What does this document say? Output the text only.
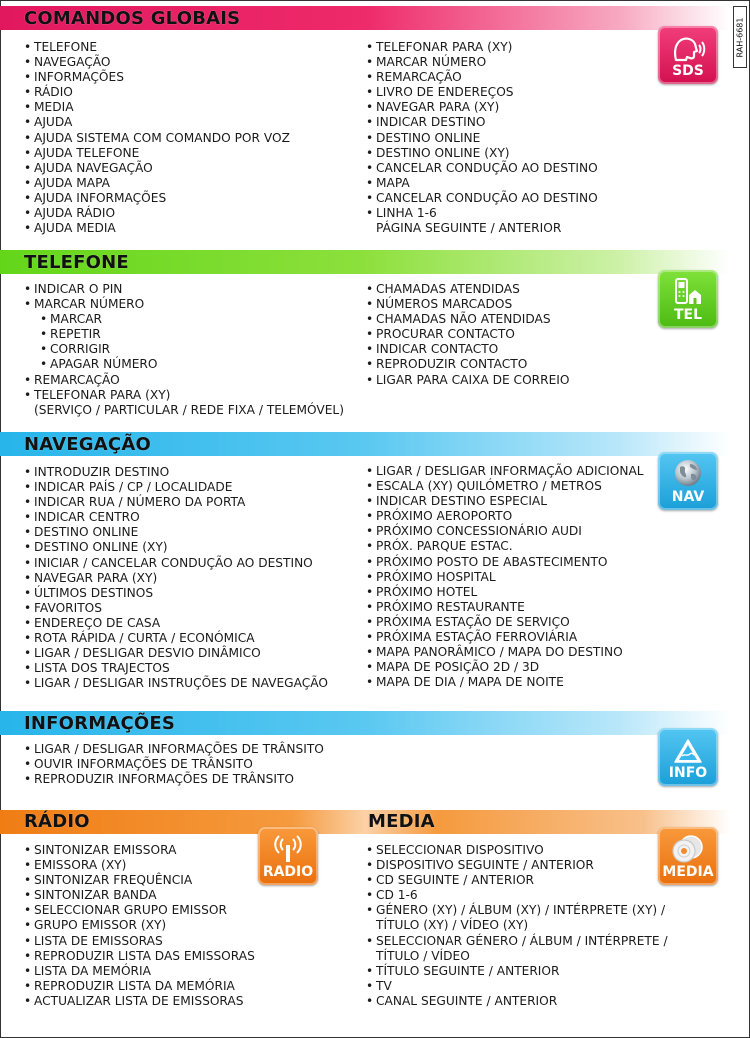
RAH-6681
COMANDOS GLOBAIS
• TELEFONE
• NAVEGAÇÃO
• INFORMAÇÕES
• RÁDIO
• MEDIA
• AJUDA
• AJUDA SISTEMA COM COMANDO POR VOZ
• AJUDA TELEFONE
• AJUDA NAVEGAÇÃO
• AJUDA MAPA
• AJUDA INFORMAÇÕES
• AJUDA RÁDIO
• AJUDA MEDIA
• TELEFONAR PARA (XY)
• MARCAR NÚMERO
• REMARCAÇÃO
• LIVRO DE ENDEREÇOS
• NAVEGAR PARA (XY)
• INDICAR DESTINO
• DESTINO ONLINE
• DESTINO ONLINE (XY)
• CANCELAR CONDUÇÃO AO DESTINO
• MAPA
• CANCELAR CONDUÇÃO AO DESTINO
• LINHA 1-6
PÁGINA SEGUINTE / ANTERIOR
SDS
TELEFONE
• INDICAR O PIN
• MARCAR NÚMERO
• MARCAR
• REPETIR
• CORRIGIR
• APAGAR NÚMERO
• REMARCAÇÃO
• TELEFONAR PARA (XY)
(SERVIÇO / PARTICULAR / REDE FIXA / TELEMÓVEL)
• CHAMADAS ATENDIDAS
• NÚMEROS MARCADOS
• CHAMADAS NÃO ATENDIDAS
• PROCURAR CONTACTO
• INDICAR CONTACTO
• REPRODUZIR CONTACTO
• LIGAR PARA CAIXA DE CORREIO
TEL
NAVEGAÇÃO
• INTRODUZIR DESTINO
• INDICAR PAÍS / CP / LOCALIDADE
• INDICAR RUA / NÚMERO DA PORTA
• INDICAR CENTRO
• DESTINO ONLINE
• DESTINO ONLINE (XY)
• INICIAR / CANCELAR CONDUÇÃO AO DESTINO
• NAVEGAR PARA (XY)
• ÚLTIMOS DESTINOS
• FAVORITOS
• ENDEREÇO DE CASA
• ROTA RÁPIDA / CURTA / ECONÓMICA
• LIGAR / DESLIGAR DESVIO DINÂMICO
• LISTA DOS TRAJECTOS
• LIGAR / DESLIGAR INSTRUÇÕES DE NAVEGAÇÃO
• LIGAR / DESLIGAR INFORMAÇÃO ADICIONAL
• ESCALA (XY) QUILÓMETRO / METROS
• INDICAR DESTINO ESPECIAL
• PRÓXIMO AEROPORTO
• PRÓXIMO CONCESSIONÁRIO AUDI
• PRÓX. PARQUE ESTAC.
• PRÓXIMO POSTO DE ABASTECIMENTO
• PRÓXIMO HOSPITAL
• PRÓXIMO HOTEL
• PRÓXIMO RESTAURANTE
• PRÓXIMA ESTAÇÃO DE SERVIÇO
• PRÓXIMA ESTAÇÃO FERROVIÁRIA
• MAPA PANORÂMICO / MAPA DO DESTINO
• MAPA DE POSIÇÃO 2D / 3D
• MAPA DE DIA / MAPA DE NOITE
NAV
INFORMAÇÕES
• LIGAR / DESLIGAR INFORMAÇÕES DE TRÂNSITO
• OUVIR INFORMAÇÕES DE TRÂNSITO
• REPRODUZIR INFORMAÇÕES DE TRÂNSITO	INFO
RÁDIO	MEDIA
• SINTONIZAR EMISSORA
• EMISSORA (XY)
• SINTONIZAR FREQUÊNCIA
• SINTONIZAR BANDA
• SELECCIONAR GRUPO EMISSOR
• GRUPO EMISSOR (XY)
• LISTA DE EMISSORAS
• REPRODUZIR LISTA DAS EMISSORAS
• LISTA DA MEMÓRIA
• REPRODUZIR LISTA DA MEMÓRIA
• ACTUALIZAR LISTA DE EMISSORAS
• SELECCIONAR DISPOSITIVO
• DISPOSITIVO SEGUINTE / ANTERIOR
• CD SEGUINTE / ANTERIOR
• CD 1-6
• GÉNERO (XY) / ÁLBUM (XY) / INTÉRPRETE (XY) /
TÍTULO (XY) / VÍDEO (XY)
• SELECCIONAR GÉNERO / ÁLBUM / INTÉRPRETE /
TÍTULO / VÍDEO
• TÍTULO SEGUINTE / ANTERIOR
• TV
• CANAL SEGUINTE / ANTERIOR
RADIO	MEDIA
